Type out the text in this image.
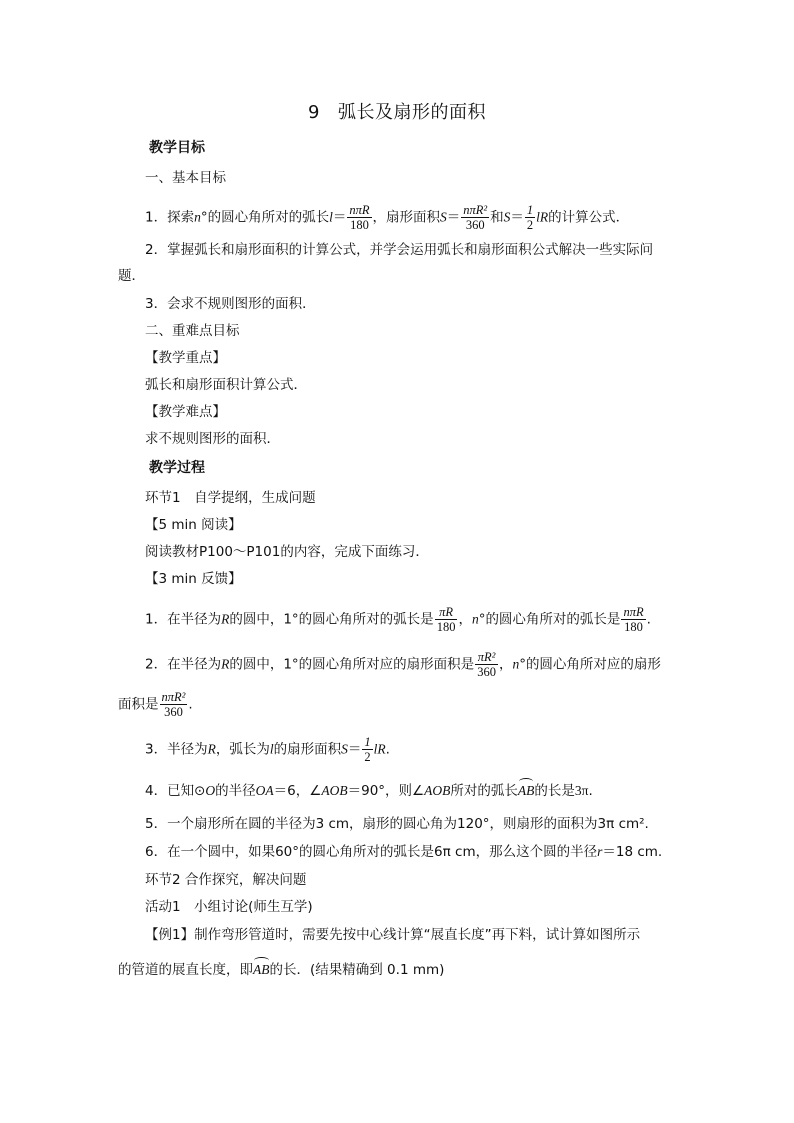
9 弧长及扇形的面积
教学目标
一、基本目标
1．探索n°的圆心角所对的弧长$l= \frac{\text{nπR}}{180}$ ，扇形面积$S= \frac{\text{nπR²}}{360}$ 和$S= \frac{1}{2}$ lR的计算公式．
2．掌握弧长和扇形面积的计算公式，并学会运用弧长和扇形面积公式解决一些实际问
题．
3．会求不规则图形的面积．
二、重难点目标
【教学重点】
弧长和扇形面积计算公式．
【教学难点】
求不规则图形的面积．
教学过程
环节1　自学提纲，生成问题
【5 min 阅读】
阅读教材P100～P101的内容，完成下面练习．
【3 min 反馈】
1．在半径为R的圆中，1°的圆心角所对的弧长是 $\frac{\pi R}{180}$ ，n°的圆心角所对的弧长是 $\frac{\text{nπR}}{180}$ .
2．在半径为R的圆中，1°的圆心角所对应的扇形面积是 $\frac{\text{πR²}}{360}$ ，n°的圆心角所对应的扇形
面积是 $\frac{\text{nπR²}}{360}$ .
3．半径为R，弧长为l的扇形面积$S= \frac{1}{2}$ lR.
4．已知⊙O的半径OA＝6，∠AOB＝90°，则∠AOB所对的弧长AB的长是3π.
5．一个扇形所在圆的半径为3 cm，扇形的圆心角为120°，则扇形的面积为3π cm².
6．在一个圆中，如果60°的圆心角所对的弧长是6π cm，那么这个圆的半径r＝18 cm.
环节2 合作探究，解决问题
活动1　小组讨论(师生互学)
【例1】制作弯形管道时，需要先按中心线计算“展直长度”再下料，试计算如图所示
的管道的展直长度，即AB的长．(结果精确到 0.1 mm)
